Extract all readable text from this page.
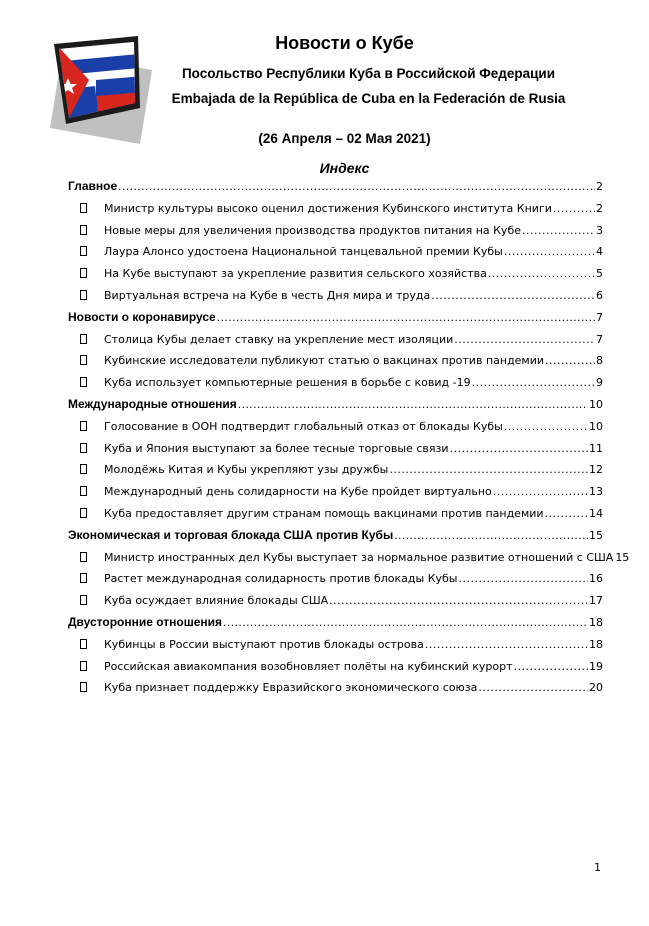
Новости о Кубе
Посольство Республики Куба в Российской Федерации
Embajada de la República de Cuba en la Federación de Rusia
(26 Апреля – 02 Мая 2021)
Индекс
Главное .....	2
Министр культуры высоко оценил достижения Кубинского института Книги .....	2
Новые меры для увеличения производства продуктов питания на Кубе .....	3
Лаура Алонсо удостоена Национальной танцевальной премии Кубы .....	4
На Кубе выступают за укрепление развития сельского хозяйства .....	5
Виртуальная встреча на Кубе в честь Дня мира и труда .....	6
Новости о коронавирусе .....	7
Столица Кубы делает ставку на укрепление мест изоляции .....	7
Кубинские исследователи публикуют статью о вакцинах против пандемии .....	8
Куба использует компьютерные решения в борьбе с ковид -19 .....	9
Международные отношения .....	10
Голосование в ООН подтвердит глобальный отказ от блокады Кубы .....	10
Куба и Япония выступают за более тесные торговые связи .....	11
Молодёжь Китая и Кубы укрепляют узы дружбы .....	12
Международный день солидарности на Кубе пройдет виртуально .....	13
Куба предоставляет другим странам помощь вакцинами против пандемии .....	14
Экономическая и торговая блокада США против Кубы .....	15
Министр иностранных дел Кубы выступает за нормальное развитие отношений с США 15
Растет международная солидарность против блокады Кубы .....	16
Куба осуждает влияние блокады США .....	17
Двусторонние отношения .....	18
Кубинцы в России выступают против блокады острова .....	18
Российская авиакомпания возобновляет полёты на кубинский курорт .....	19
Куба признает поддержку Евразийского экономического союза .....	20
1
